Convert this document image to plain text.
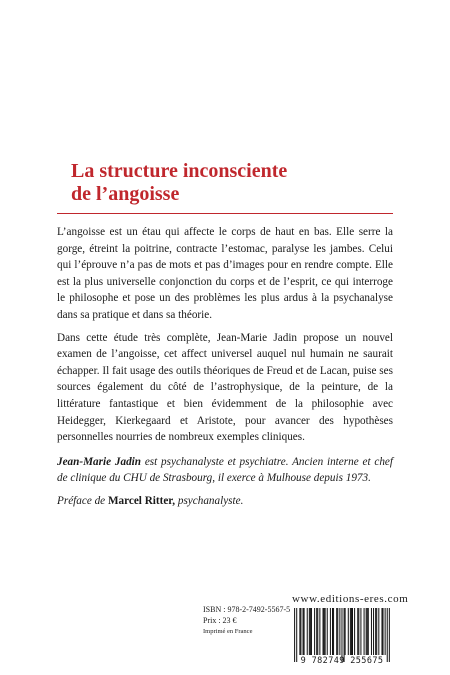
La structure inconsciente
de l’angoisse

L’angoisse est un étau qui affecte le corps de haut en bas. Elle serre la gorge, étreint la poitrine, contracte l’estomac, paralyse les jambes. Celui qui l’éprouve n’a pas de mots et pas d’images pour en rendre compte. Elle est la plus universelle conjonction du corps et de l’esprit, ce qui interroge le philosophe et pose un des problèmes les plus ardus à la psychanalyse dans sa pratique et dans sa théorie.

Dans cette étude très complète, Jean-Marie Jadin propose un nouvel examen de l’angoisse, cet affect universel auquel nul humain ne saurait échapper. Il fait usage des outils théoriques de Freud et de Lacan, puise ses sources également du côté de l’astrophysique, de la peinture, de la littérature fantastique et bien évidemment de la philosophie avec Heidegger, Kierkegaard et Aristote, pour avancer des hypothèses personnelles nourries de nombreux exemples cliniques.

Jean-Marie Jadin est psychanalyste et psychiatre. Ancien interne et chef de clinique du CHU de Strasbourg, il exerce à Mulhouse depuis 1973.

Préface de Marcel Ritter, psychanalyste.

www.editions-eres.com
ISBN : 978-2-7492-5567-5
Prix : 23 €
Imprimé en France
9 782749 255675
